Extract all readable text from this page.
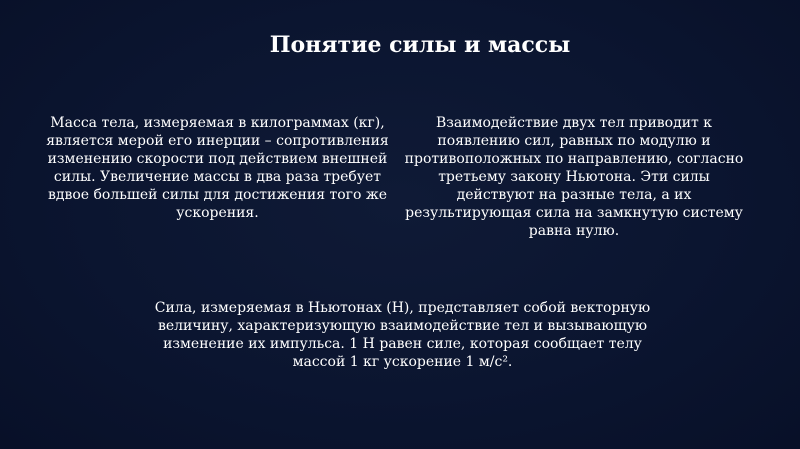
Понятие силы и массы

Масса тела, измеряемая в килограммах (кг), является мерой его инерции – сопротивления изменению скорости под действием внешней силы. Увеличение массы в два раза требует вдвое большей силы для достижения того же ускорения.

Взаимодействие двух тел приводит к появлению сил, равных по модулю и противоположных по направлению, согласно третьему закону Ньютона. Эти силы действуют на разные тела, а их результирующая сила на замкнутую систему равна нулю.

Сила, измеряемая в Ньютонах (Н), представляет собой векторную величину, характеризующую взаимодействие тел и вызывающую изменение их импульса. 1 Н равен силе, которая сообщает телу массой 1 кг ускорение 1 м/с².
